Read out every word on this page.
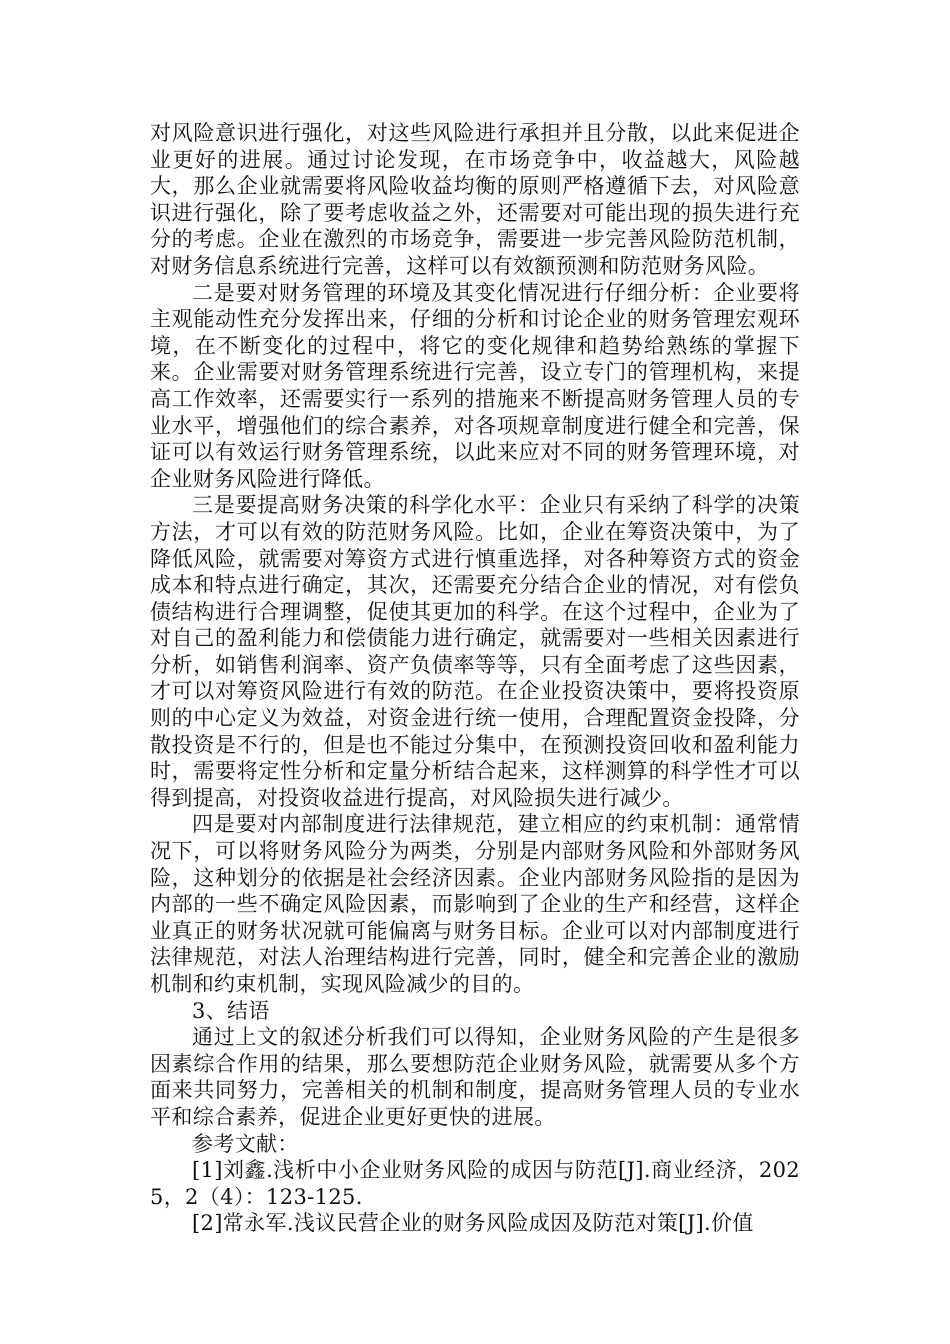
对风险意识进行强化，对这些风险进行承担并且分散，以此来促进企业更好的进展。通过讨论发现，在市场竞争中，收益越大，风险越大，那么企业就需要将风险收益均衡的原则严格遵循下去，对风险意识进行强化，除了要考虑收益之外，还需要对可能出现的损失进行充分的考虑。企业在激烈的市场竞争，需要进一步完善风险防范机制，对财务信息系统进行完善，这样可以有效额预测和防范财务风险。

二是要对财务管理的环境及其变化情况进行仔细分析：企业要将主观能动性充分发挥出来，仔细的分析和讨论企业的财务管理宏观环境，在不断变化的过程中，将它的变化规律和趋势给熟练的掌握下来。企业需要对财务管理系统进行完善，设立专门的管理机构，来提高工作效率，还需要实行一系列的措施来不断提高财务管理人员的专业水平，增强他们的综合素养，对各项规章制度进行健全和完善，保证可以有效运行财务管理系统，以此来应对不同的财务管理环境，对企业财务风险进行降低。

三是要提高财务决策的科学化水平：企业只有采纳了科学的决策方法，才可以有效的防范财务风险。比如，企业在筹资决策中，为了降低风险，就需要对筹资方式进行慎重选择，对各种筹资方式的资金成本和特点进行确定，其次，还需要充分结合企业的情况，对有偿负债结构进行合理调整，促使其更加的科学。在这个过程中，企业为了对自己的盈利能力和偿债能力进行确定，就需要对一些相关因素进行分析，如销售利润率、资产负债率等等，只有全面考虑了这些因素，才可以对筹资风险进行有效的防范。在企业投资决策中，要将投资原则的中心定义为效益，对资金进行统一使用，合理配置资金投降，分散投资是不行的，但是也不能过分集中，在预测投资回收和盈利能力时，需要将定性分析和定量分析结合起来，这样测算的科学性才可以得到提高，对投资收益进行提高，对风险损失进行减少。

四是要对内部制度进行法律规范，建立相应的约束机制：通常情况下，可以将财务风险分为两类，分别是内部财务风险和外部财务风险，这种划分的依据是社会经济因素。企业内部财务风险指的是因为内部的一些不确定风险因素，而影响到了企业的生产和经营，这样企业真正的财务状况就可能偏离与财务目标。企业可以对内部制度进行法律规范，对法人治理结构进行完善，同时，健全和完善企业的激励机制和约束机制，实现风险减少的目的。

3、结语

通过上文的叙述分析我们可以得知，企业财务风险的产生是很多因素综合作用的结果，那么要想防范企业财务风险，就需要从多个方面来共同努力，完善相关的机制和制度，提高财务管理人员的专业水平和综合素养，促进企业更好更快的进展。

参考文献：

[1]刘鑫.浅析中小企业财务风险的成因与防范[J].商业经济，2025，2（4）：123-125.

[2]常永军.浅议民营企业的财务风险成因及防范对策[J].价值
